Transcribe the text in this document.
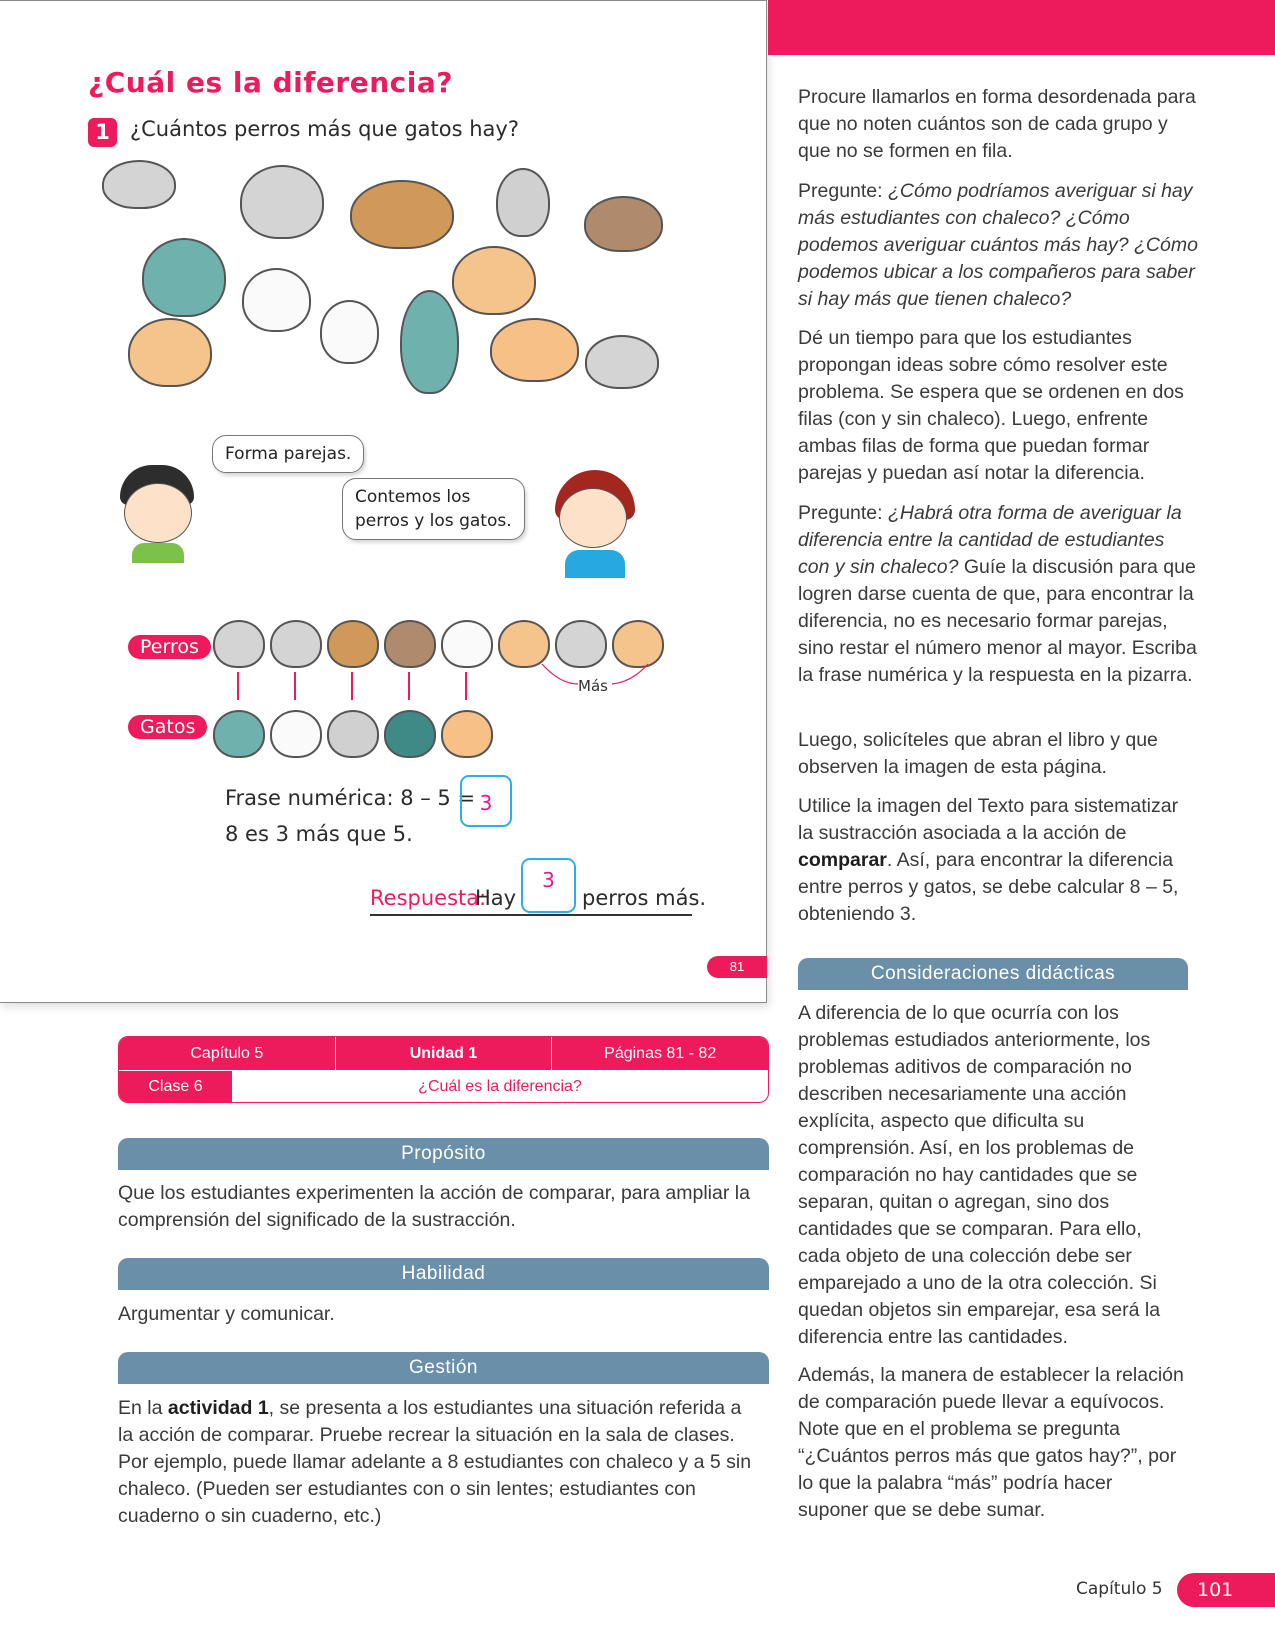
¿Cuál es la diferencia?
1 ¿Cuántos perros más que gatos hay?
Forma parejas.
Contemos los
perros y los gatos.
Perros
Gatos
Más
Frase numérica: 8 – 5 = 3
8 es 3 más que 5.
Respuesta:
Hay
3
perros más.
81
Capítulo 5	Unidad 1	Páginas 81 - 82
Clase 6	¿Cuál es la diferencia?
Propósito
Que los estudiantes experimenten la acción de comparar, para ampliar la comprensión del significado de la sustracción.
Habilidad
Argumentar y comunicar.
Gestión
En la actividad 1, se presenta a los estudiantes una situación referida a la acción de comparar. Pruebe recrear la situación en la sala de clases. Por ejemplo, puede llamar adelante a 8 estudiantes con chaleco y a 5 sin chaleco. (Pueden ser estudiantes con o sin lentes; estudiantes con cuaderno o sin cuaderno, etc.)
Procure llamarlos en forma desordenada para que no noten cuántos son de cada grupo y que no se formen en fila.
Pregunte: ¿Cómo podríamos averiguar si hay más estudiantes con chaleco? ¿Cómo podemos averiguar cuántos más hay? ¿Cómo podemos ubicar a los compañeros para saber si hay más que tienen chaleco?
Dé un tiempo para que los estudiantes propongan ideas sobre cómo resolver este problema. Se espera que se ordenen en dos filas (con y sin chaleco). Luego, enfrente ambas filas de forma que puedan formar parejas y puedan así notar la diferencia.
Pregunte: ¿Habrá otra forma de averiguar la diferencia entre la cantidad de estudiantes con y sin chaleco? Guíe la discusión para que logren darse cuenta de que, para encontrar la diferencia, no es necesario formar parejas, sino restar el número menor al mayor. Escriba la frase numérica y la respuesta en la pizarra.
Luego, solicíteles que abran el libro y que observen la imagen de esta página.
Utilice la imagen del Texto para sistematizar la sustracción asociada a la acción de comparar. Así, para encontrar la diferencia entre perros y gatos, se debe calcular 8 – 5, obteniendo 3.
Consideraciones didácticas
A diferencia de lo que ocurría con los problemas estudiados anteriormente, los problemas aditivos de comparación no describen necesariamente una acción explícita, aspecto que dificulta su comprensión. Así, en los problemas de comparación no hay cantidades que se separan, quitan o agregan, sino dos cantidades que se comparan. Para ello, cada objeto de una colección debe ser emparejado a uno de la otra colección. Si quedan objetos sin emparejar, esa será la diferencia entre las cantidades.
Además, la manera de establecer la relación de comparación puede llevar a equívocos. Note que en el problema se pregunta “¿Cuántos perros más que gatos hay?”, por lo que la palabra “más” podría hacer suponer que se debe sumar.
Capítulo 5	101
